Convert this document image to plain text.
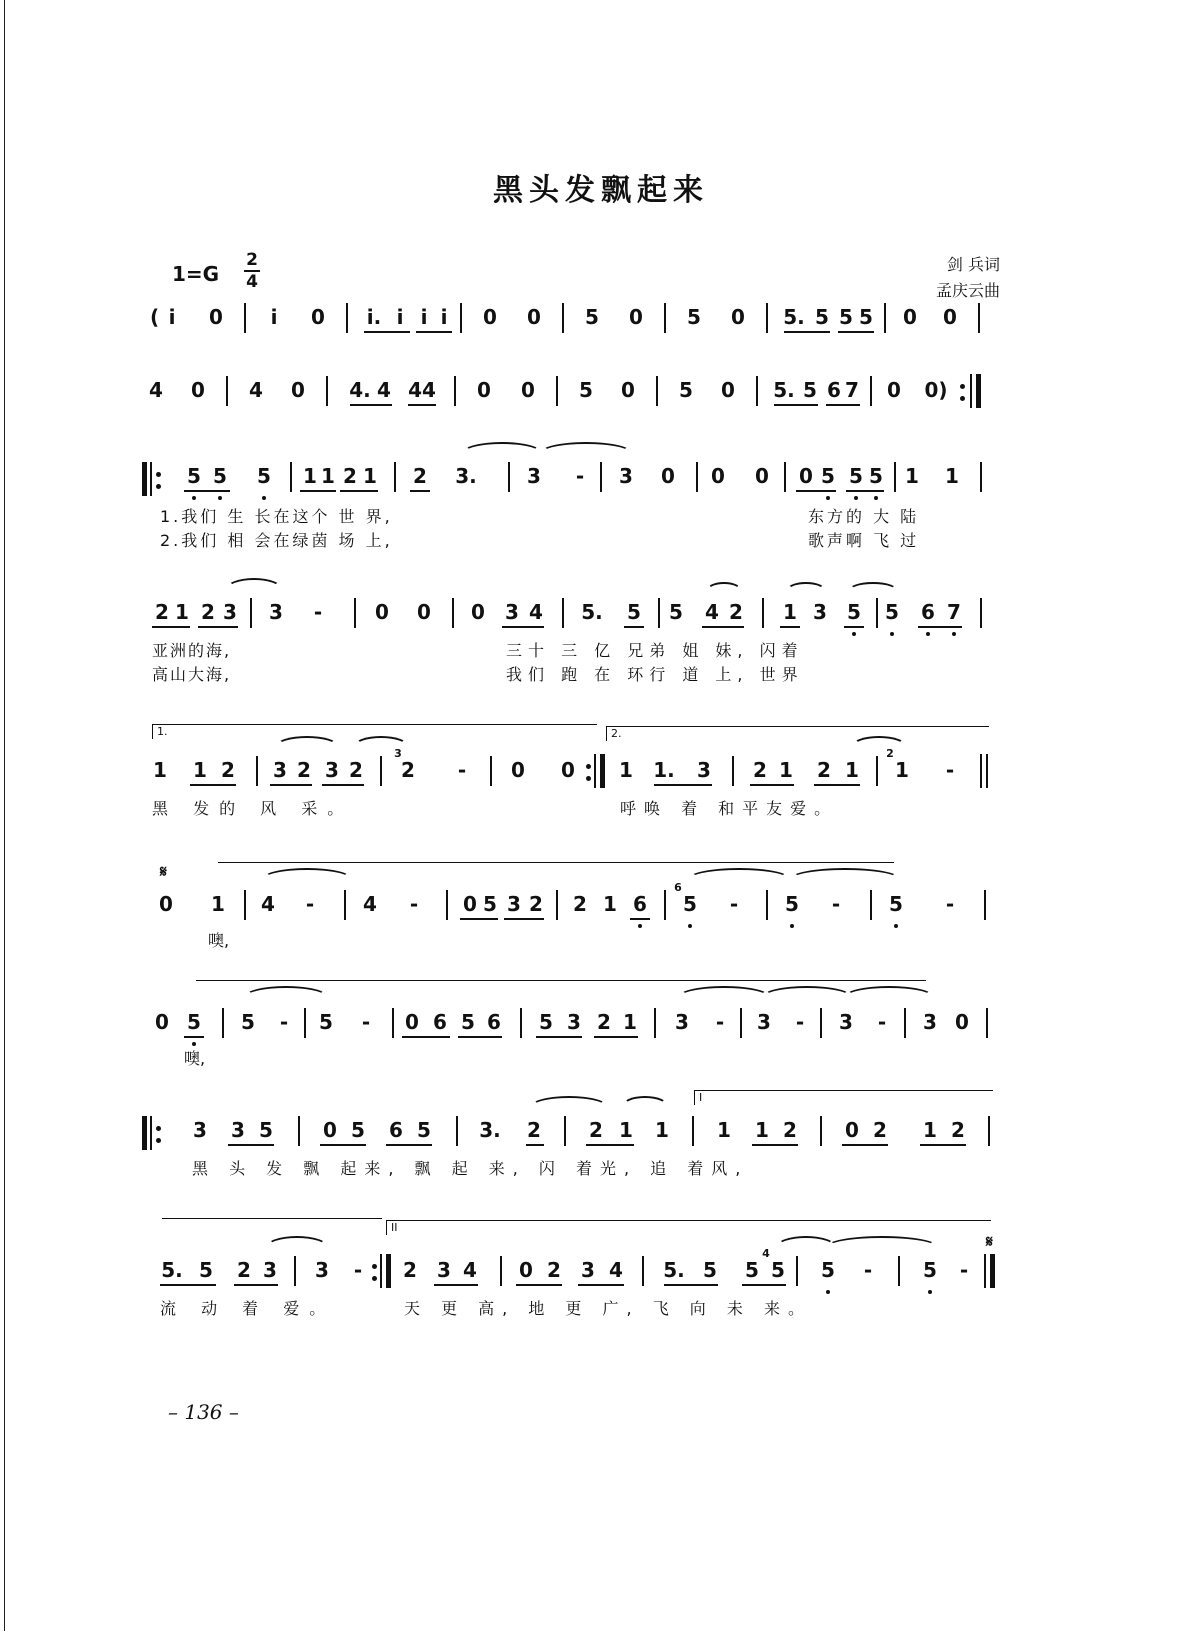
黑头发飘起来
1=G
2
4
剑 兵词
孟庆云曲
( i 0 i 0 i. i i i 0 0 5 0 5 0 5. 5 5 5 0 0
4 0 4 0 4. 4 44 0 0 5 0 5 0 5. 5 6 7 0 0)
5 5 5 1 1 2 1 2 3.	3 - 3 0 0 0 0 5 5 5 1 1
1.我们 生 长在这个 世 界,	东方的 大 陆
2.我们 相 会在绿茵 场 上,	歌声啊 飞 过
2 1 2 3 3 -	0 0 0 3 4 5. 5 5 4 2 1 3 5 5 6 7
亚洲的海,	三十 三 亿 兄弟 姐 妹, 闪着
高山大海,	我们 跑 在 环行 道 上, 世界
1.	2.
1 1 2 3 2 3 2
3
2 - 0 0 1 1. 3 2 1 2 1
2
1 -
黑 发的 风 采。	呼唤 着 和平友爱。
𝄋
0 1 4 - 4 - 0 5 3 2 2 1 6
6
5 - 5 - 5 -
噢,
0 5 5 - 5 - 0 6 5 6 5 3 2 1 3 - 3 - 3 - 3 0
噢,
I
3 3 5	0 5 6 5 3. 2 2 1 1 1 1 2 0 2 1 2
黑 头 发 飘 起来, 飘 起 来, 闪 着光, 追 着风,
II
𝄋
5. 5 2 3 3 - 2 3 4 0 2 3 4 5. 5 5
4
5 5 -	5 -
流 动 着 爱。	天 更 高, 地 更 广, 飞 向 未 来。
– 136 –
